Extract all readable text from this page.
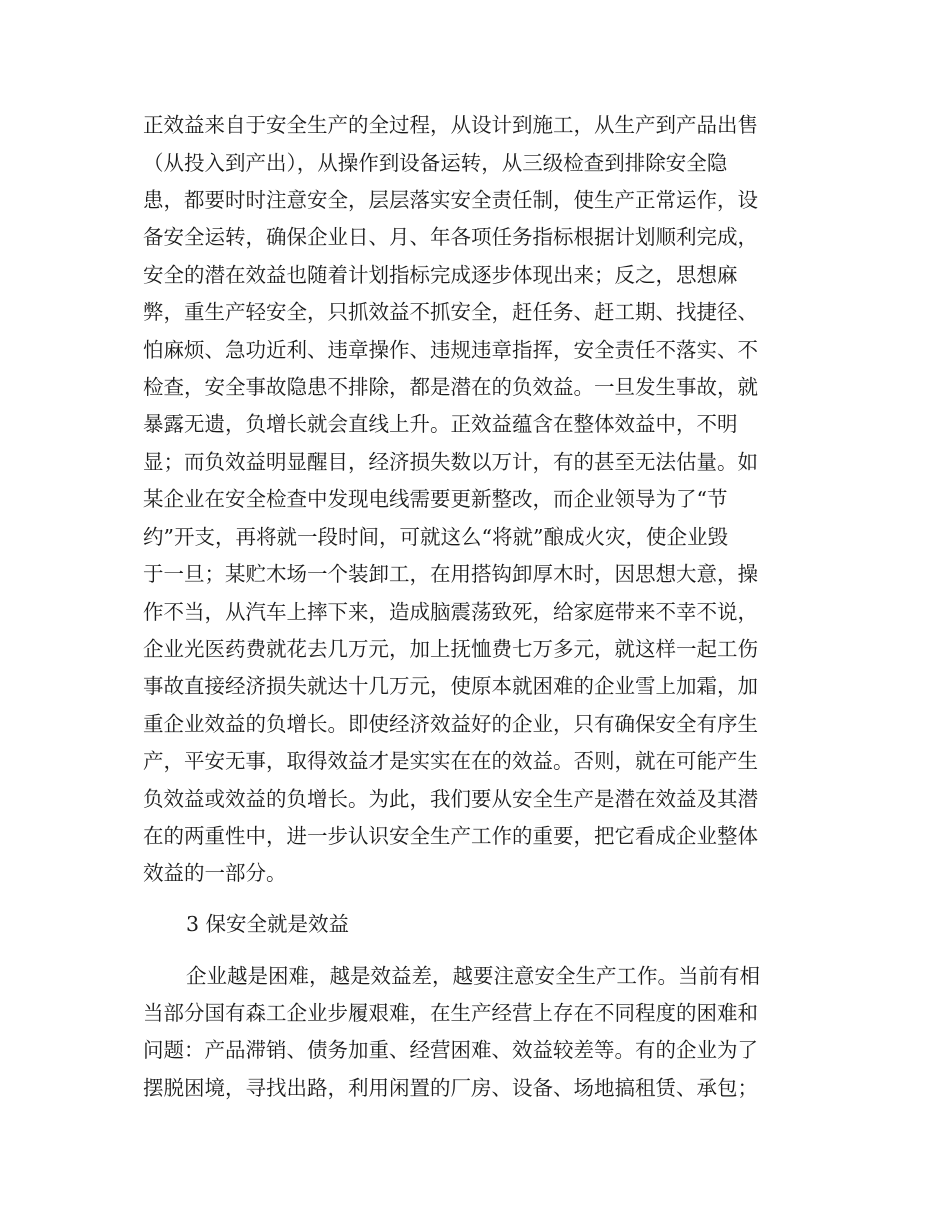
正效益来自于安全生产的全过程，从设计到施工，从生产到产品出售
（从投入到产出），从操作到设备运转，从三级检查到排除安全隐
患，都要时时注意安全，层层落实安全责任制，使生产正常运作，设
备安全运转，确保企业日、月、年各项任务指标根据计划顺利完成，
安全的潜在效益也随着计划指标完成逐步体现出来；反之，思想麻
弊，重生产轻安全，只抓效益不抓安全，赶任务、赶工期、找捷径、
怕麻烦、急功近利、违章操作、违规违章指挥，安全责任不落实、不
检查，安全事故隐患不排除，都是潜在的负效益。一旦发生事故，就
暴露无遗，负增长就会直线上升。正效益蕴含在整体效益中，不明
显；而负效益明显醒目，经济损失数以万计，有的甚至无法估量。如
某企业在安全检查中发现电线需要更新整改，而企业领导为了“节
约”开支，再将就一段时间，可就这么“将就”酿成火灾，使企业毁
于一旦；某贮木场一个装卸工，在用搭钩卸厚木时，因思想大意，操
作不当，从汽车上摔下来，造成脑震荡致死，给家庭带来不幸不说，
企业光医药费就花去几万元，加上抚恤费七万多元，就这样一起工伤
事故直接经济损失就达十几万元，使原本就困难的企业雪上加霜，加
重企业效益的负增长。即使经济效益好的企业，只有确保安全有序生
产，平安无事，取得效益才是实实在在的效益。否则，就在可能产生
负效益或效益的负增长。为此，我们要从安全生产是潜在效益及其潜
在的两重性中，进一步认识安全生产工作的重要，把它看成企业整体
效益的一部分。
3 保安全就是效益
企业越是困难，越是效益差，越要注意安全生产工作。当前有相
当部分国有森工企业步履艰难，在生产经营上存在不同程度的困难和
问题：产品滞销、债务加重、经营困难、效益较差等。有的企业为了
摆脱困境，寻找出路，利用闲置的厂房、设备、场地搞租赁、承包；
